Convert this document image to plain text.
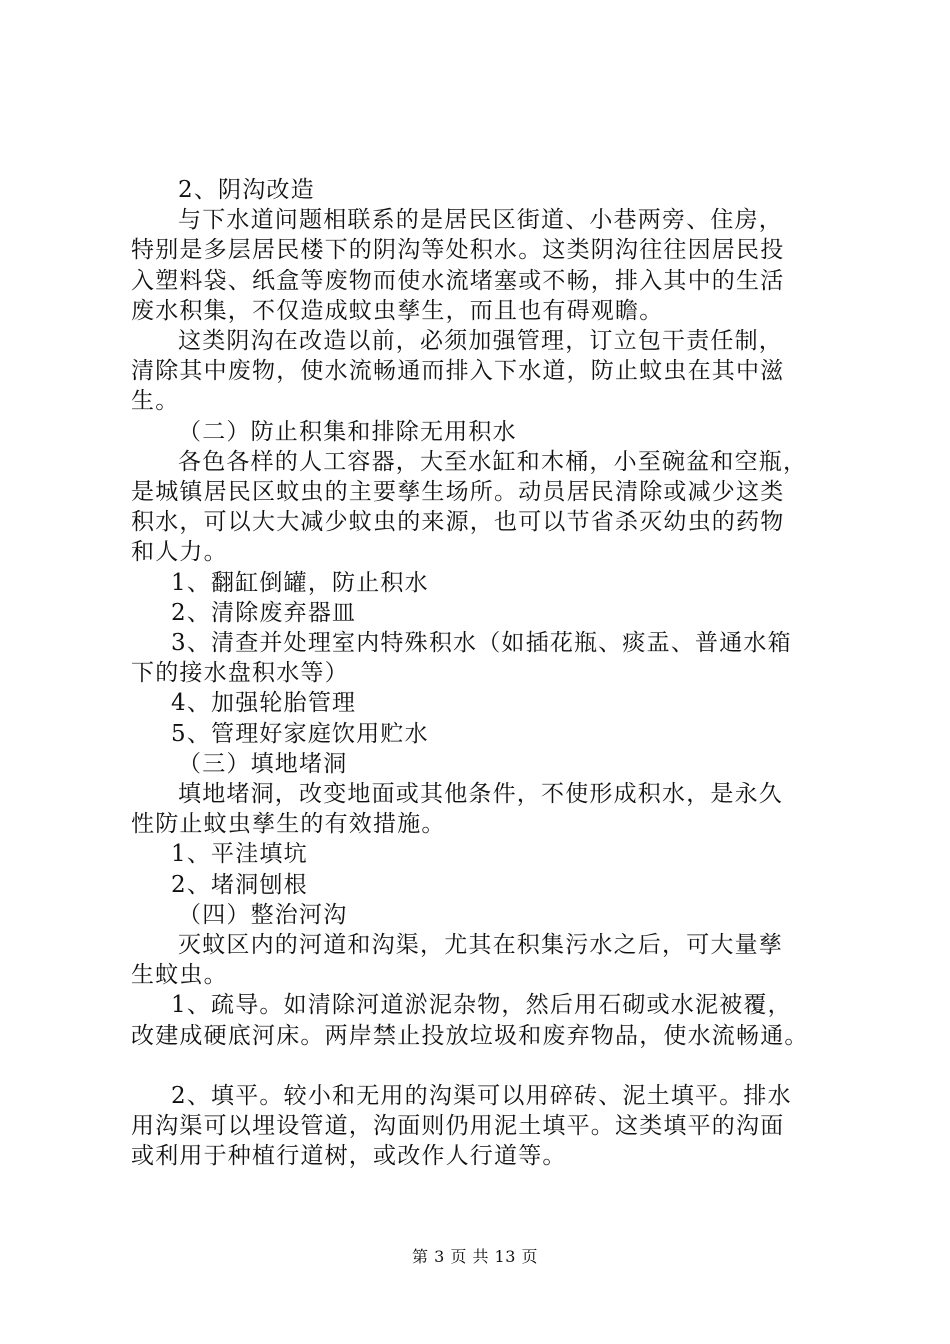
2、阴沟改造

与下水道问题相联系的是居民区街道、小巷两旁、住房，

特别是多层居民楼下的阴沟等处积水。这类阴沟往往因居民投

入塑料袋、纸盒等废物而使水流堵塞或不畅，排入其中的生活

废水积集，不仅造成蚊虫孳生，而且也有碍观瞻。

这类阴沟在改造以前，必须加强管理，订立包干责任制，

清除其中废物，使水流畅通而排入下水道，防止蚊虫在其中滋

生。

（二）防止积集和排除无用积水

各色各样的人工容器，大至水缸和木桶，小至碗盆和空瓶，

是城镇居民区蚊虫的主要孳生场所。动员居民清除或减少这类

积水，可以大大减少蚊虫的来源，也可以节省杀灭幼虫的药物

和人力。

1、翻缸倒罐，防止积水

2、清除废弃器皿

3、清查并处理室内特殊积水（如插花瓶、痰盂、普通水箱

下的接水盘积水等）

4、加强轮胎管理

5、管理好家庭饮用贮水

（三）填地堵洞

填地堵洞，改变地面或其他条件，不使形成积水，是永久

性防止蚊虫孳生的有效措施。

1、平洼填坑

2、堵洞刨根

（四）整治河沟

灭蚊区内的河道和沟渠，尤其在积集污水之后，可大量孳

生蚊虫。

1、疏导。如清除河道淤泥杂物，然后用石砌或水泥被覆，

改建成硬底河床。两岸禁止投放垃圾和废弃物品，使水流畅通。

2、填平。较小和无用的沟渠可以用碎砖、泥土填平。排水

用沟渠可以埋设管道，沟面则仍用泥土填平。这类填平的沟面

或利用于种植行道树，或改作人行道等。

第 3 页 共 13 页
